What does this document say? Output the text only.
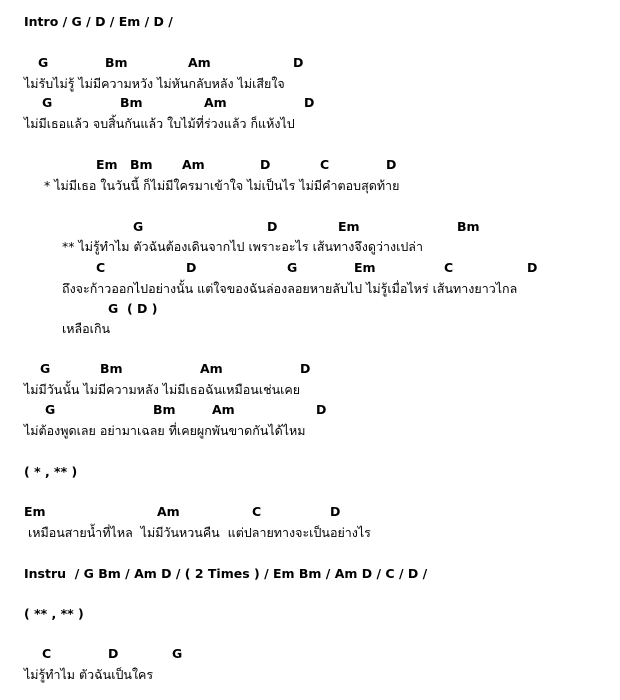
Intro / G / D / Em / D /
G	Bm	Am	D
ไม่รับไม่รู้ ไม่มีความหวัง ไม่หันกลับหลัง ไม่เสียใจ
G	Bm	Am	D
ไม่มีเธอแล้ว จบสิ้นกันแล้ว ใบไม้ที่ร่วงแล้ว ก็แห้งไป
Em Bm Am	D	C	D
* ไม่มีเธอ ในวันนี้ ก็ไม่มีใครมาเข้าใจ ไม่เป็นไร ไม่มีคำตอบสุดท้าย
G	D	Em	Bm
** ไม่รู้ทำไม ตัวฉันต้องเดินจากไป เพราะอะไร เส้นทางจึงดูว่างเปล่า
C	D	G	Em	C	D
ถึงจะก้าวออกไปอย่างนั้น แต่ใจของฉันล่องลอยหายลับไป ไม่รู้เมื่อไหร่ เส้นทางยาวไกล
G  ( D )
เหลือเกิน
G	Bm	Am	D
ไม่มีวันนั้น ไม่มีความหลัง ไม่มีเธอฉันเหมือนเช่นเคย
G	Bm	Am	D
ไม่ต้องพูดเลย อย่ามาเฉลย ที่เคยผูกพันขาดกันได้ไหม
( * , ** )
Em	Am	C	D
เหมือนสายน้ำที่ไหล  ไม่มีวันหวนคืน  แต่ปลายทางจะเป็นอย่างไร
Instru  / G Bm / Am D / ( 2 Times ) / Em Bm / Am D / C / D /
( ** , ** )
C	D	G
ไม่รู้ทำไม ตัวฉันเป็นใคร
